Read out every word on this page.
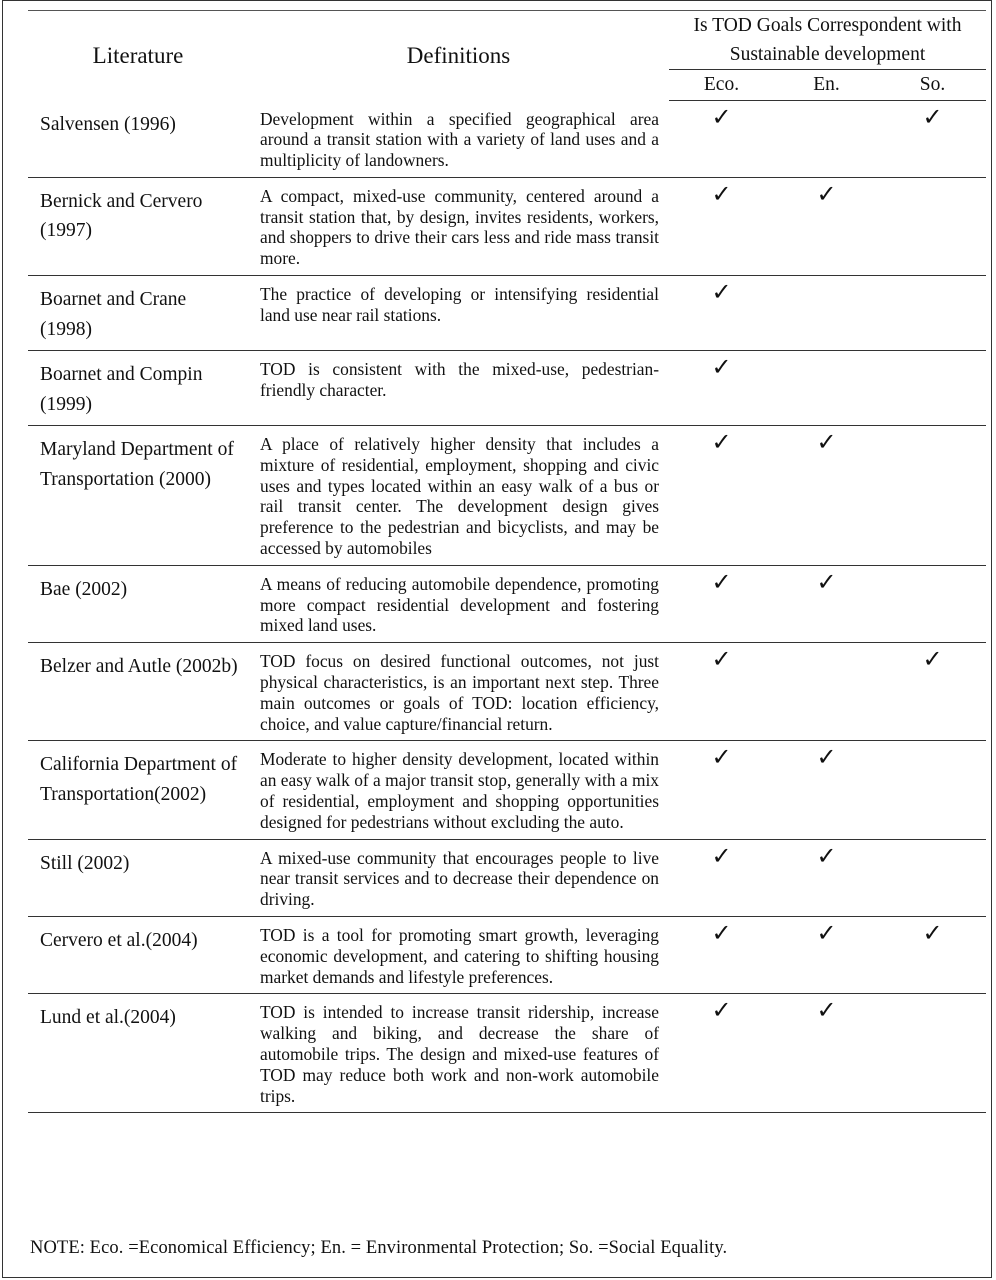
Literature	Definitions	Is TOD Goals Correspondent with Sustainable development		

		Eco.	En.	So.
Salvensen (1996)	Development within a specified geographical area around a transit station with a variety of land uses and a multiplicity of landowners.	✓		✓
Bernick and Cervero (1997)	A compact, mixed-use community, centered around a transit station that, by design, invites residents, workers, and shoppers to drive their cars less and ride mass transit more.	✓	✓	
Boarnet and Crane (1998)	The practice of developing or intensifying residential land use near rail stations.	✓		
Boarnet and Compin (1999)	TOD is consistent with the mixed-use, pedestrian-friendly character.	✓		
Maryland Department of Transportation (2000)	A place of relatively higher density that includes a mixture of residential, employment, shopping and civic uses and types located within an easy walk of a bus or rail transit center. The development design gives preference to the pedestrian and bicyclists, and may be accessed by automobiles	✓	✓	
Bae (2002)	A means of reducing automobile dependence, promoting more compact residential development and fostering mixed land uses.	✓	✓	
Belzer and Autle (2002b)	TOD focus on desired functional outcomes, not just physical characteristics, is an important next step. Three main outcomes or goals of TOD: location efficiency, choice, and value capture/financial return.	✓		✓
California Department of Transportation(2002)	Moderate to higher density development, located within an easy walk of a major transit stop, generally with a mix of residential, employment and shopping opportunities designed for pedestrians without excluding the auto.	✓	✓	
Still (2002)	A mixed-use community that encourages people to live near transit services and to decrease their dependence on driving.	✓	✓	
Cervero et al.(2004)	TOD is a tool for promoting smart growth, leveraging economic development, and catering to shifting housing market demands and lifestyle preferences.	✓	✓	✓
Lund et al.(2004)	TOD is intended to increase transit ridership, increase walking and biking, and decrease the share of automobile trips. The design and mixed-use features of TOD may reduce both work and non-work automobile trips.	✓	✓	
NOTE: Eco. =Economical Efficiency; En. = Environmental Protection; So. =Social Equality.
